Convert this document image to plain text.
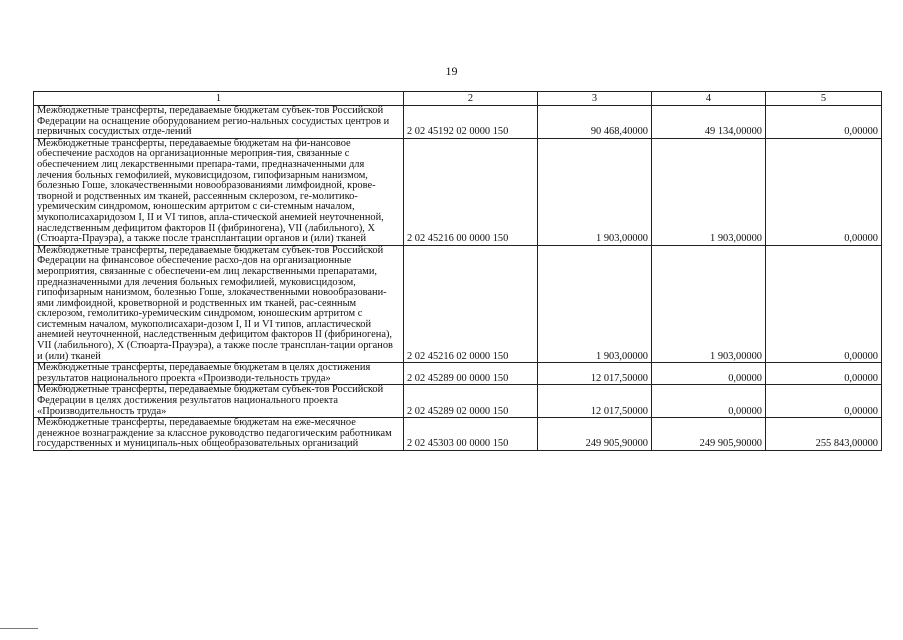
19
1	2	3	4	5
Межбюджетные трансферты, передаваемые бюджетам субъек-тов Российской Федерации на оснащение оборудованием регио-нальных сосудистых центров и первичных сосудистых отде-лений	2 02 45192 02 0000 150	90 468,40000	49 134,00000	0,00000
Межбюджетные трансферты, передаваемые бюджетам на фи-нансовое обеспечение расходов на организационные мероприя-тия, связанные с обеспечением лиц лекарственными препара-тами, предназначенными для лечения больных гемофилией, муковисцидозом, гипофизарным нанизмом, болезнью Гоше, злокачественными новообразованиями лимфоидной, крове-творной и родственных им тканей, рассеянным склерозом, ге-молитико-уремическим синдромом, юношеским артритом с си-стемным началом, мукополисахаридозом I, II и VI типов, апла-стической анемией неуточненной, наследственным дефицитом факторов II (фибриногена), VII (лабильного), X (Стюарта-Прауэра), а также после трансплантации органов и (или) тканей	2 02 45216 00 0000 150	1 903,00000	1 903,00000	0,00000
Межбюджетные трансферты, передаваемые бюджетам субъек-тов Российской Федерации на финансовое обеспечение расхо-дов на организационные мероприятия, связанные с обеспечени-ем лиц лекарственными препаратами, предназначенными для лечения больных гемофилией, муковисцидозом, гипофизарным нанизмом, болезнью Гоше, злокачественными новообразовани-ями лимфоидной, кроветворной и родственных им тканей, рас-сеянным склерозом, гемолитико-уремическим синдромом, юношеским артритом с системным началом, мукополисахари-дозом I, II и VI типов, апластической анемией неуточненной, наследственным дефицитом факторов II (фибриногена), VII (лабильного), X (Стюарта-Прауэра), а также после трансплан-тации органов и (или) тканей	2 02 45216 02 0000 150	1 903,00000	1 903,00000	0,00000
Межбюджетные трансферты, передаваемые бюджетам в целях достижения результатов национального проекта «Производи-тельность труда»	2 02 45289 00 0000 150	12 017,50000	0,00000	0,00000
Межбюджетные трансферты, передаваемые бюджетам субъек-тов Российской Федерации в целях достижения результатов национального проекта «Производительность труда»	2 02 45289 02 0000 150	12 017,50000	0,00000	0,00000
Межбюджетные трансферты, передаваемые бюджетам на еже-месячное денежное вознаграждение за классное руководство педагогическим работникам государственных и муниципаль-ных общеобразовательных организаций	2 02 45303 00 0000 150	249 905,90000	249 905,90000	255 843,00000
